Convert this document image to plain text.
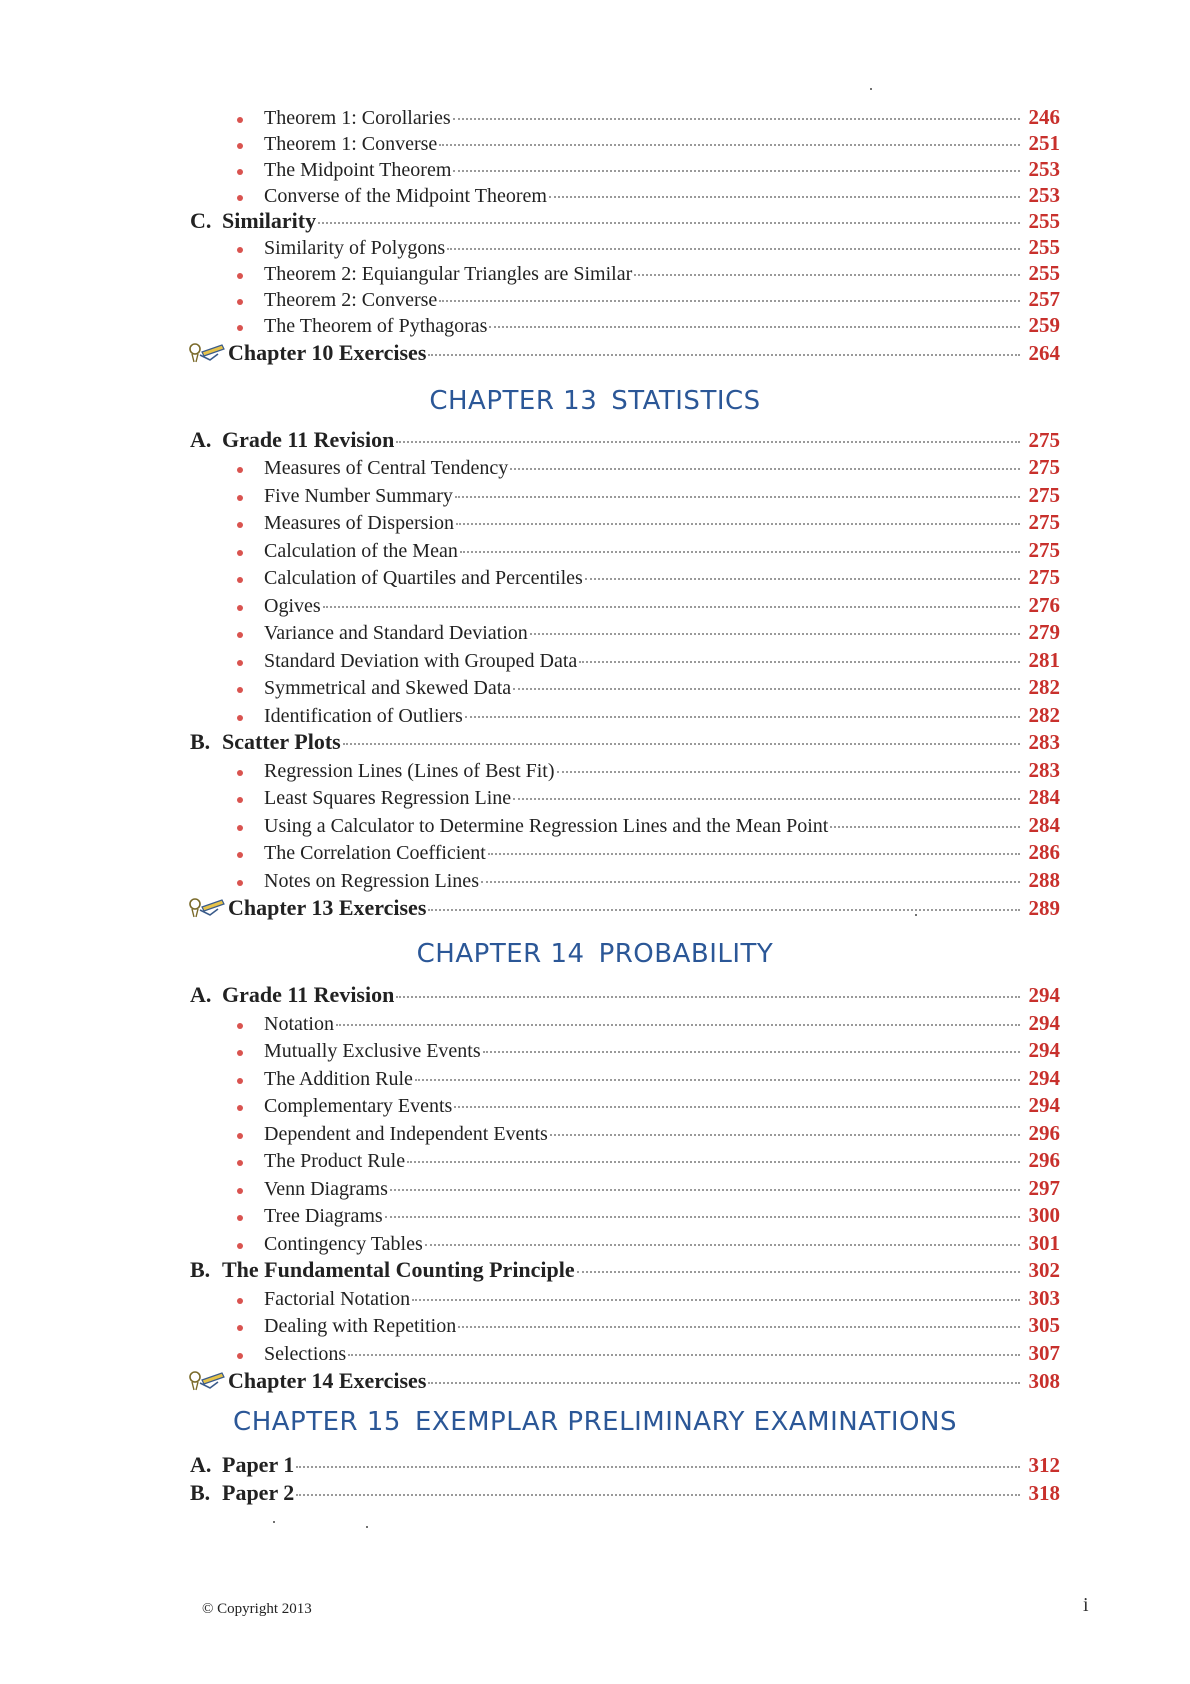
Theorem 1: Corollaries	246
Theorem 1: Converse	251
The Midpoint Theorem	253
Converse of the Midpoint Theorem	253
C. Similarity	255
Similarity of Polygons	255
Theorem 2: Equiangular Triangles are Similar	255
Theorem 2: Converse	257
The Theorem of Pythagoras	259
Chapter 10 Exercises	264
CHAPTER 13 STATISTICS
A. Grade 11 Revision	275
Measures of Central Tendency	275
Five Number Summary	275
Measures of Dispersion	275
Calculation of the Mean	275
Calculation of Quartiles and Percentiles	275
Ogives	276
Variance and Standard Deviation	279
Standard Deviation with Grouped Data	281
Symmetrical and Skewed Data	282
Identification of Outliers	282
B. Scatter Plots	283
Regression Lines (Lines of Best Fit)	283
Least Squares Regression Line	284
Using a Calculator to Determine Regression Lines and the Mean Point	284
The Correlation Coefficient	286
Notes on Regression Lines	288
Chapter 13 Exercises	289
CHAPTER 14 PROBABILITY
A. Grade 11 Revision	294
Notation	294
Mutually Exclusive Events	294
The Addition Rule	294
Complementary Events	294
Dependent and Independent Events	296
The Product Rule	296
Venn Diagrams	297
Tree Diagrams	300
Contingency Tables	301
B. The Fundamental Counting Principle	302
Factorial Notation	303
Dealing with Repetition	305
Selections	307
Chapter 14 Exercises	308
CHAPTER 15 EXEMPLAR PRELIMINARY EXAMINATIONS
A. Paper 1	312
B. Paper 2	318
© Copyright 2013	i
